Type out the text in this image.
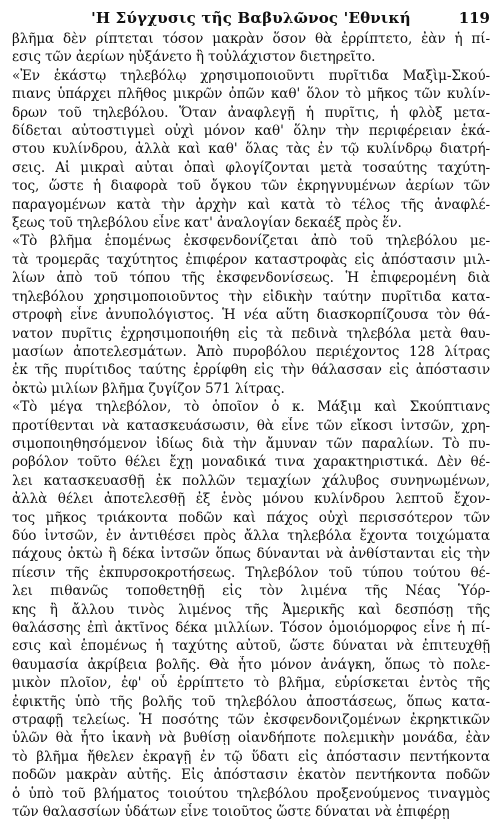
'Η Σύγχυσις τῆς Βαβυλῶνος 'Εθνική	119
βλῆμα δὲν ρίπτεται τόσον μακρὰν ὅσον θὰ ἐρρίπτετο, ἐὰν ἡ πί-
εσις τῶν ἀερίων ηὐξάνετο ἢ τοὐλάχιστον διετηρεῖτο.
«Ἐν ἑκάστῳ τηλεβόλῳ χρησιμοποιοῦντι πυρῖτιδα Μαξὶμ-Σκού-
πιανς ὑπάρχει πλῆθος μικρῶν ὀπῶν καθ' ὅλον τὸ μῆκος τῶν κυλίν-
δρων τοῦ τηλεβόλου. Ὅταν ἀναφλεγῇ ἡ πυρῖτις, ἡ φλὸξ μετα-
δίδεται αὐτοστιγμεὶ οὐχὶ μόνον καθ' ὅλην τὴν περιφέρειαν ἑκά-
στου κυλίνδρου, ἀλλὰ καὶ καθ' ὅλας τὰς ἐν τῷ κυλίνδρῳ διατρή-
σεις. Αἱ μικραὶ αὐται ὀπαὶ φλογίζονται μετὰ τοσαύτης ταχύτη-
τος, ὥστε ἡ διαφορὰ τοῦ ὄγκου τῶν ἐκρηγνυμένων ἀερίων τῶν
παραγομένων κατὰ τὴν ἀρχὴν καὶ κατὰ τὸ τέλος τῆς ἀναφλέ-
ξεως τοῦ τηλεβόλου εἶνε κατ' ἀναλογίαν δεκαέξ πρὸς ἕν.
«Τὸ βλῆμα ἑπομένως ἐκσφενδονίζεται ἀπὸ τοῦ τηλεβόλου με-
τὰ τρομερᾶς ταχύτητος ἐπιφέρον καταστροφὰς εἰς ἀπόστασιν μιλ-
λίων ἀπὸ τοῦ τόπου τῆς ἐκσφενδονίσεως. Ἡ ἐπιφερομένη διὰ
τηλεβόλου χρησιμοποιοῦντος τὴν εἰδικὴν ταύτην πυρῖτιδα κατα-
στροφὴ εἶνε ἀνυπολόγιστος. Ἡ νέα αὕτη διασκορπίζουσα τὸν θά-
νατον πυρῖτις ἐχρησιμοποιήθη εἰς τὰ πεδινὰ τηλεβόλα μετὰ θαυ-
μασίων ἀποτελεσμάτων. Ἀπὸ πυροβόλου περιέχοντος 128 λίτρας
ἐκ τῆς πυρίτιδος ταύτης ἐρρίφθη εἰς τὴν θάλασσαν εἰς ἀπόστασιν
ὀκτὼ μιλίων βλῆμα ζυγίζον 571 λίτρας.
«Τὸ μέγα τηλεβόλον, τὸ ὁποῖον ὁ κ. Μάξιμ καὶ Σκούπτιανς
προτίθενται νὰ κατασκευάσωσιν, θὰ εἶνε τῶν εἴκοσι ἰντσῶν, χρη-
σιμοποιηθησόμενον ἰδίως διὰ τὴν ἄμυναν τῶν παραλίων. Τὸ πυ-
ροβόλον τοῦτο θέλει ἔχῃ μοναδικά τινα χαρακτηριστικά. Δὲν θέ-
λει κατασκευασθῇ ἐκ πολλῶν τεμαχίων χάλυβος συνηνωμένων,
ἀλλὰ θέλει ἀποτελεσθῇ ἐξ ἑνὸς μόνου κυλίνδρου λεπτοῦ ἔχον-
τος μῆκος τριάκοντα ποδῶν καὶ πάχος οὐχὶ περισσότερον τῶν
δύο ἰντσῶν, ἐν ἀντιθέσει πρὸς ἄλλα τηλεβόλα ἔχοντα τοιχώματα
πάχους ὀκτὼ ἢ δέκα ἰντσῶν ὅπως δύνανται νὰ ἀνθίστανται εἰς τὴν
πίεσιν τῆς ἐκπυρσοκροτήσεως. Τηλεβόλον τοῦ τύπου τούτου θέ-
λει πιθανῶς τοποθετηθῇ εἰς τὸν λιμένα τῆς Νέας Ὑόρ-
κης ἢ ἄλλου τινὸς λιμένος τῆς Ἀμερικῆς καὶ δεσπόσῃ τῆς
θαλάσσης ἐπὶ ἀκτῖνος δέκα μιλλίων. Τόσον ὁμοιόμορφος εἶνε ἡ πί-
εσις καὶ ἑπομένως ἡ ταχύτης αὐτοῦ, ὥστε δύναται νὰ ἐπιτευχθῇ
θαυμασία ἀκρίβεια βολῆς. Θὰ ἦτο μόνον ἀνάγκη, ὅπως τὸ πολε-
μικὸν πλοῖον, ἐφ' οὗ ἐρρίπτετο τὸ βλῆμα, εὑρίσκεται ἐντὸς τῆς
ἐφικτῆς ὑπὸ τῆς βολῆς τοῦ τηλεβόλου ἀποστάσεως, ὅπως κατα-
στραφῇ τελείως. Ἡ ποσότης τῶν ἐκσφενδονιζομένων ἐκρηκτικῶν
ὑλῶν θὰ ἦτο ἱκανὴ νὰ βυθίσῃ οἱανδήποτε πολεμικὴν μονάδα, ἐὰν
τὸ βλῆμα ἤθελεν ἐκραγῇ ἐν τῷ ὕδατι εἰς ἀπόστασιν πεντήκοντα
ποδῶν μακρὰν αὐτῆς. Εἰς ἀπόστασιν ἑκατὸν πεντήκοντα ποδῶν
ὁ ὑπὸ τοῦ βλήματος τοιούτου τηλεβόλου προξενούμενος τιναγμὸς
τῶν θαλασσίων ὑδάτων εἶνε τοιοῦτος ὥστε δύναται νὰ ἐπιφέρῃ
